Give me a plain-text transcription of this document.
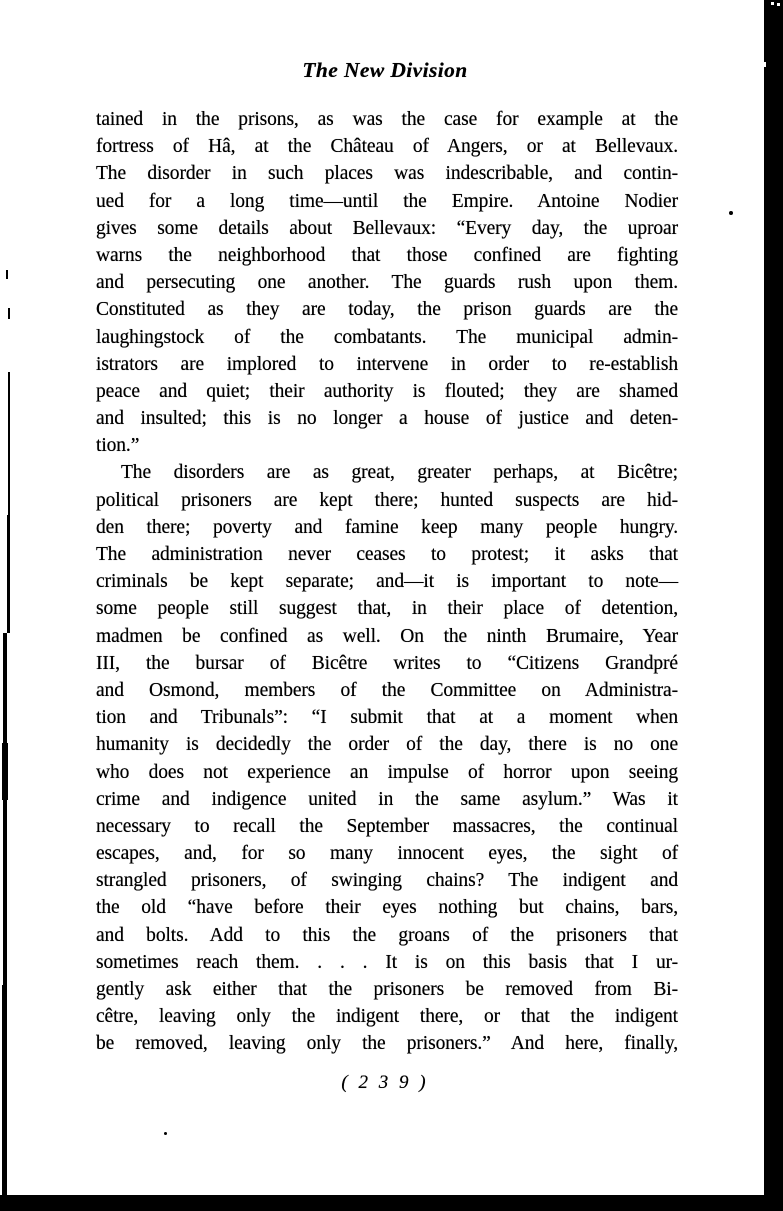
The New Division
tained in the prisons, as was the case for example at the
fortress of Hâ, at the Château of Angers, or at Bellevaux.
The disorder in such places was indescribable, and contin-
ued for a long time—until the Empire. Antoine Nodier
gives some details about Bellevaux: “Every day, the uproar
warns the neighborhood that those confined are fighting
and persecuting one another. The guards rush upon them.
Constituted as they are today, the prison guards are the
laughingstock of the combatants. The municipal admin-
istrators are implored to intervene in order to re-establish
peace and quiet; their authority is flouted; they are shamed
and insulted; this is no longer a house of justice and deten-
tion.”
The disorders are as great, greater perhaps, at Bicêtre;
political prisoners are kept there; hunted suspects are hid-
den there; poverty and famine keep many people hungry.
The administration never ceases to protest; it asks that
criminals be kept separate; and—it is important to note—
some people still suggest that, in their place of detention,
madmen be confined as well. On the ninth Brumaire, Year
III, the bursar of Bicêtre writes to “Citizens Grandpré
and Osmond, members of the Committee on Administra-
tion and Tribunals”: “I submit that at a moment when
humanity is decidedly the order of the day, there is no one
who does not experience an impulse of horror upon seeing
crime and indigence united in the same asylum.” Was it
necessary to recall the September massacres, the continual
escapes, and, for so many innocent eyes, the sight of
strangled prisoners, of swinging chains? The indigent and
the old “have before their eyes nothing but chains, bars,
and bolts. Add to this the groans of the prisoners that
sometimes reach them. . . . It is on this basis that I ur-
gently ask either that the prisoners be removed from Bi-
cêtre, leaving only the indigent there, or that the indigent
be removed, leaving only the prisoners.” And here, finally,
( 2 3 9 )
